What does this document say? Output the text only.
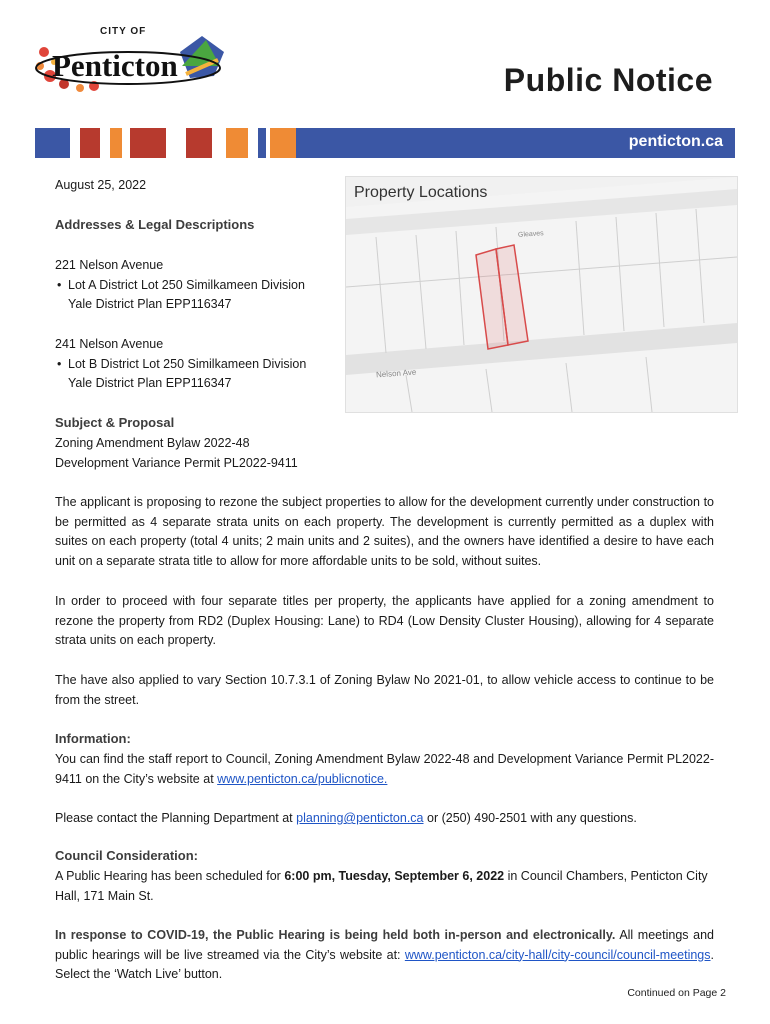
CITY OF
Penticton	Public Notice
penticton.ca
August 25, 2022
Addresses & Legal Descriptions
221 Nelson Avenue
• Lot A District Lot 250 Similkameen Division
Yale District Plan EPP116347
241 Nelson Avenue
• Lot B District Lot 250 Similkameen Division
Yale District Plan EPP116347
Property Locations
Gleaves
Nelson Ave
Subject & Proposal
Zoning Amendment Bylaw 2022-48
Development Variance Permit PL2022-9411
The applicant is proposing to rezone the subject properties to allow for the development currently under construction to be permitted as 4 separate strata units on each property. The development is currently permitted as a duplex with suites on each property (total 4 units; 2 main units and 2 suites), and the owners have identified a desire to have each unit on a separate strata title to allow for more affordable units to be sold, without suites.
In order to proceed with four separate titles per property, the applicants have applied for a zoning amendment to rezone the property from RD2 (Duplex Housing: Lane) to RD4 (Low Density Cluster Housing), allowing for 4 separate strata units on each property.
The have also applied to vary Section 10.7.3.1 of Zoning Bylaw No 2021-01, to allow vehicle access to continue to be from the street.
Information:
You can find the staff report to Council, Zoning Amendment Bylaw 2022-48 and Development Variance Permit PL2022-9411 on the City’s website at www.penticton.ca/publicnotice.
Please contact the Planning Department at planning@penticton.ca or (250) 490-2501 with any questions.
Council Consideration:
A Public Hearing has been scheduled for 6:00 pm, Tuesday, September 6, 2022 in Council Chambers, Penticton City Hall, 171 Main St.
In response to COVID-19, the Public Hearing is being held both in-person and electronically. All meetings and public hearings will be live streamed via the City’s website at: www.penticton.ca/city-hall/city-council/council-meetings. Select the ‘Watch Live’ button.
Continued on Page 2
